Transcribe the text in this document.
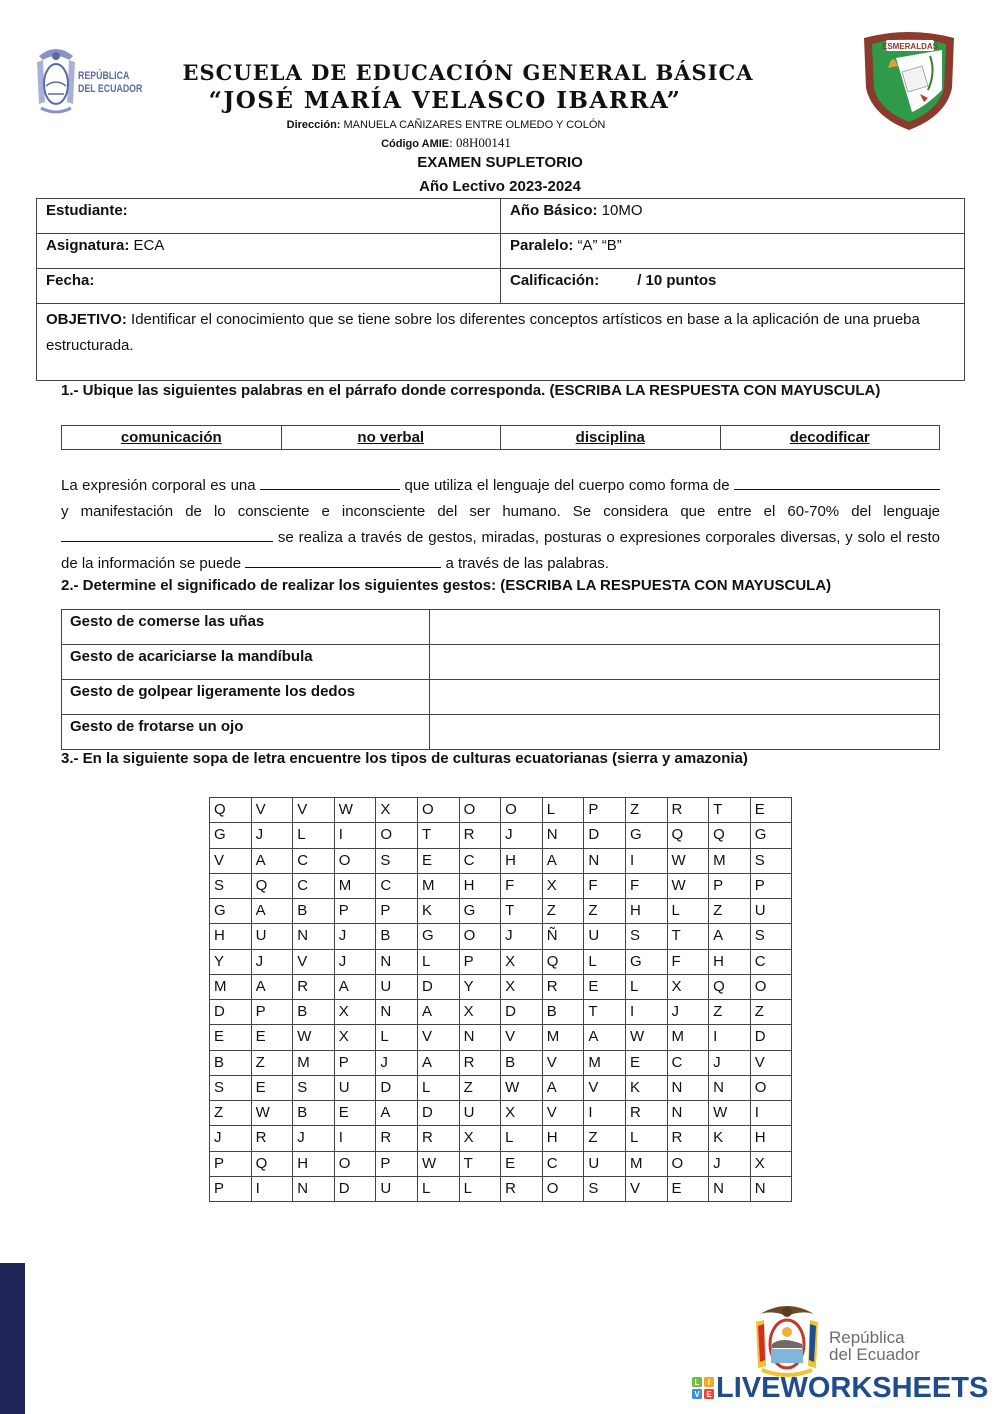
REPÚBLICA
DEL ECUADOR
ESCUELA DE EDUCACIÓN GENERAL BÁSICA
“JOSÉ MARÍA VELASCO IBARRA”
Dirección: MANUELA CAÑIZARES ENTRE OLMEDO Y COLÓN
Código AMIE: 08H00141
EXAMEN SUPLETORIO
Año Lectivo 2023-2024
ESMERALDAS
Estudiante:	Año Básico: 10MO
Asignatura: ECA	Paralelo: “A” “B”
Fecha:	Calificación: / 10 puntos
OBJETIVO: Identificar el conocimiento que se tiene sobre los diferentes conceptos artísticos en base a la aplicación de una prueba estructurada.	
1.- Ubique las siguientes palabras en el párrafo donde corresponda. (ESCRIBA LA RESPUESTA CON MAYUSCULA)
comunicación	no verbal	disciplina	decodificar
La expresión corporal es una	que utiliza el lenguaje del cuerpo como forma de y manifestación de lo consciente e inconsciente del ser humano. Se considera que entre el 60-70% del lenguaje  se realiza a través de gestos, miradas, posturas o expresiones corporales diversas, y solo el resto de la información se puede	a través de las palabras.
2.- Determine el significado de realizar los siguientes gestos: (ESCRIBA LA RESPUESTA CON MAYUSCULA)
Gesto de comerse las uñas	
Gesto de acariciarse la mandíbula	
Gesto de golpear ligeramente los dedos	
Gesto de frotarse un ojo	
3.- En la siguiente sopa de letra encuentre los tipos de culturas ecuatorianas (sierra y amazonia)
Q	V	V	W	X	O	O	O	L	P	Z	R	T	E
G	J	L	I	O	T	R	J	N	D	G	Q	Q	G
V	A	C	O	S	E	C	H	A	N	I	W	M	S
S	Q	C	M	C	M	H	F	X	F	F	W	P	P
G	A	B	P	P	K	G	T	Z	Z	H	L	Z	U
H	U	N	J	B	G	O	J	Ñ	U	S	T	A	S
Y	J	V	J	N	L	P	X	Q	L	G	F	H	C
M	A	R	A	U	D	Y	X	R	E	L	X	Q	O
D	P	B	X	N	A	X	D	B	T	I	J	Z	Z
E	E	W	X	L	V	N	V	M	A	W	M	I	D
B	Z	M	P	J	A	R	B	V	M	E	C	J	V
S	E	S	U	D	L	Z	W	A	V	K	N	N	O
Z	W	B	E	A	D	U	X	V	I	R	N	W	I
J	R	J	I	R	R	X	L	H	Z	L	R	K	H
P	Q	H	O	P	W	T	E	C	U	M	O	J	X
P	I	N	D	U	L	L	R	O	S	V	E	N	N
República
del Ecuador
L I
V E LIVEWORKSHEETS
